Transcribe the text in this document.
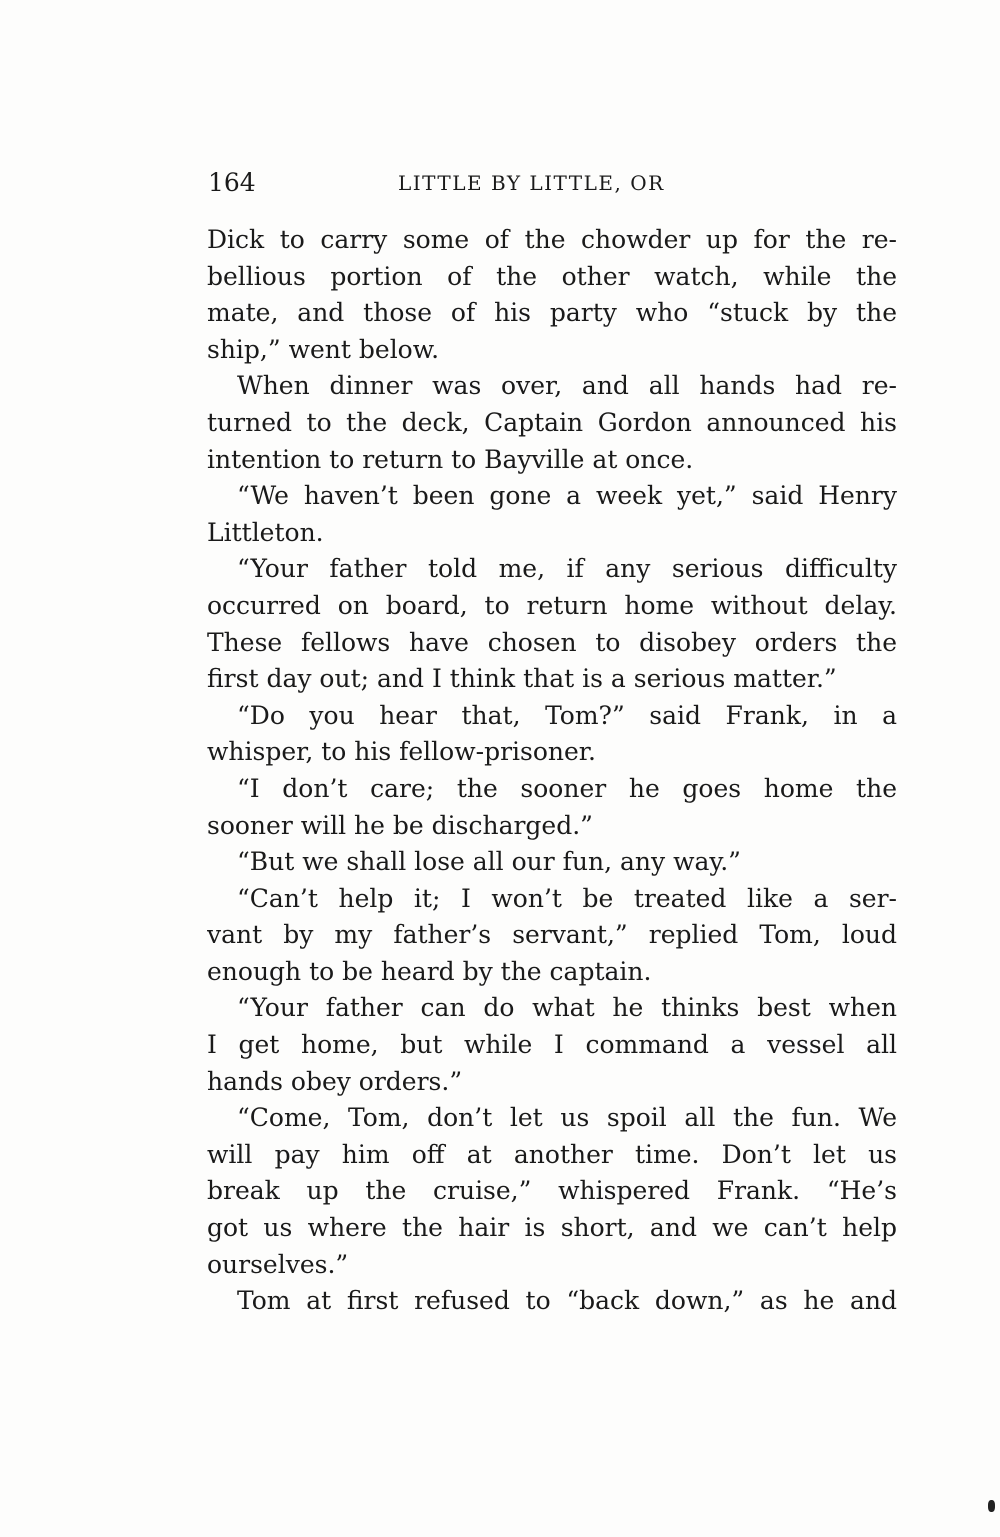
164	LITTLE BY LITTLE, OR
Dick to carry some of the chowder up for the re-
bellious portion of the other watch, while the
mate, and those of his party who “stuck by the
ship,” went below.
When dinner was over, and all hands had re-
turned to the deck, Captain Gordon announced his
intention to return to Bayville at once.
“We haven’t been gone a week yet,” said Henry
Littleton.
“Your father told me, if any serious difficulty
occurred on board, to return home without delay.
These fellows have chosen to disobey orders the
first day out; and I think that is a serious matter.”
“Do you hear that, Tom?” said Frank, in a
whisper, to his fellow-prisoner.
“I don’t care; the sooner he goes home the
sooner will he be discharged.”
“But we shall lose all our fun, any way.”
“Can’t help it; I won’t be treated like a ser-
vant by my father’s servant,” replied Tom, loud
enough to be heard by the captain.
“Your father can do what he thinks best when
I get home, but while I command a vessel all
hands obey orders.”
“Come, Tom, don’t let us spoil all the fun. We
will pay him off at another time. Don’t let us
break up the cruise,” whispered Frank. “He’s
got us where the hair is short, and we can’t help
ourselves.”
Tom at first refused to “back down,” as he and
